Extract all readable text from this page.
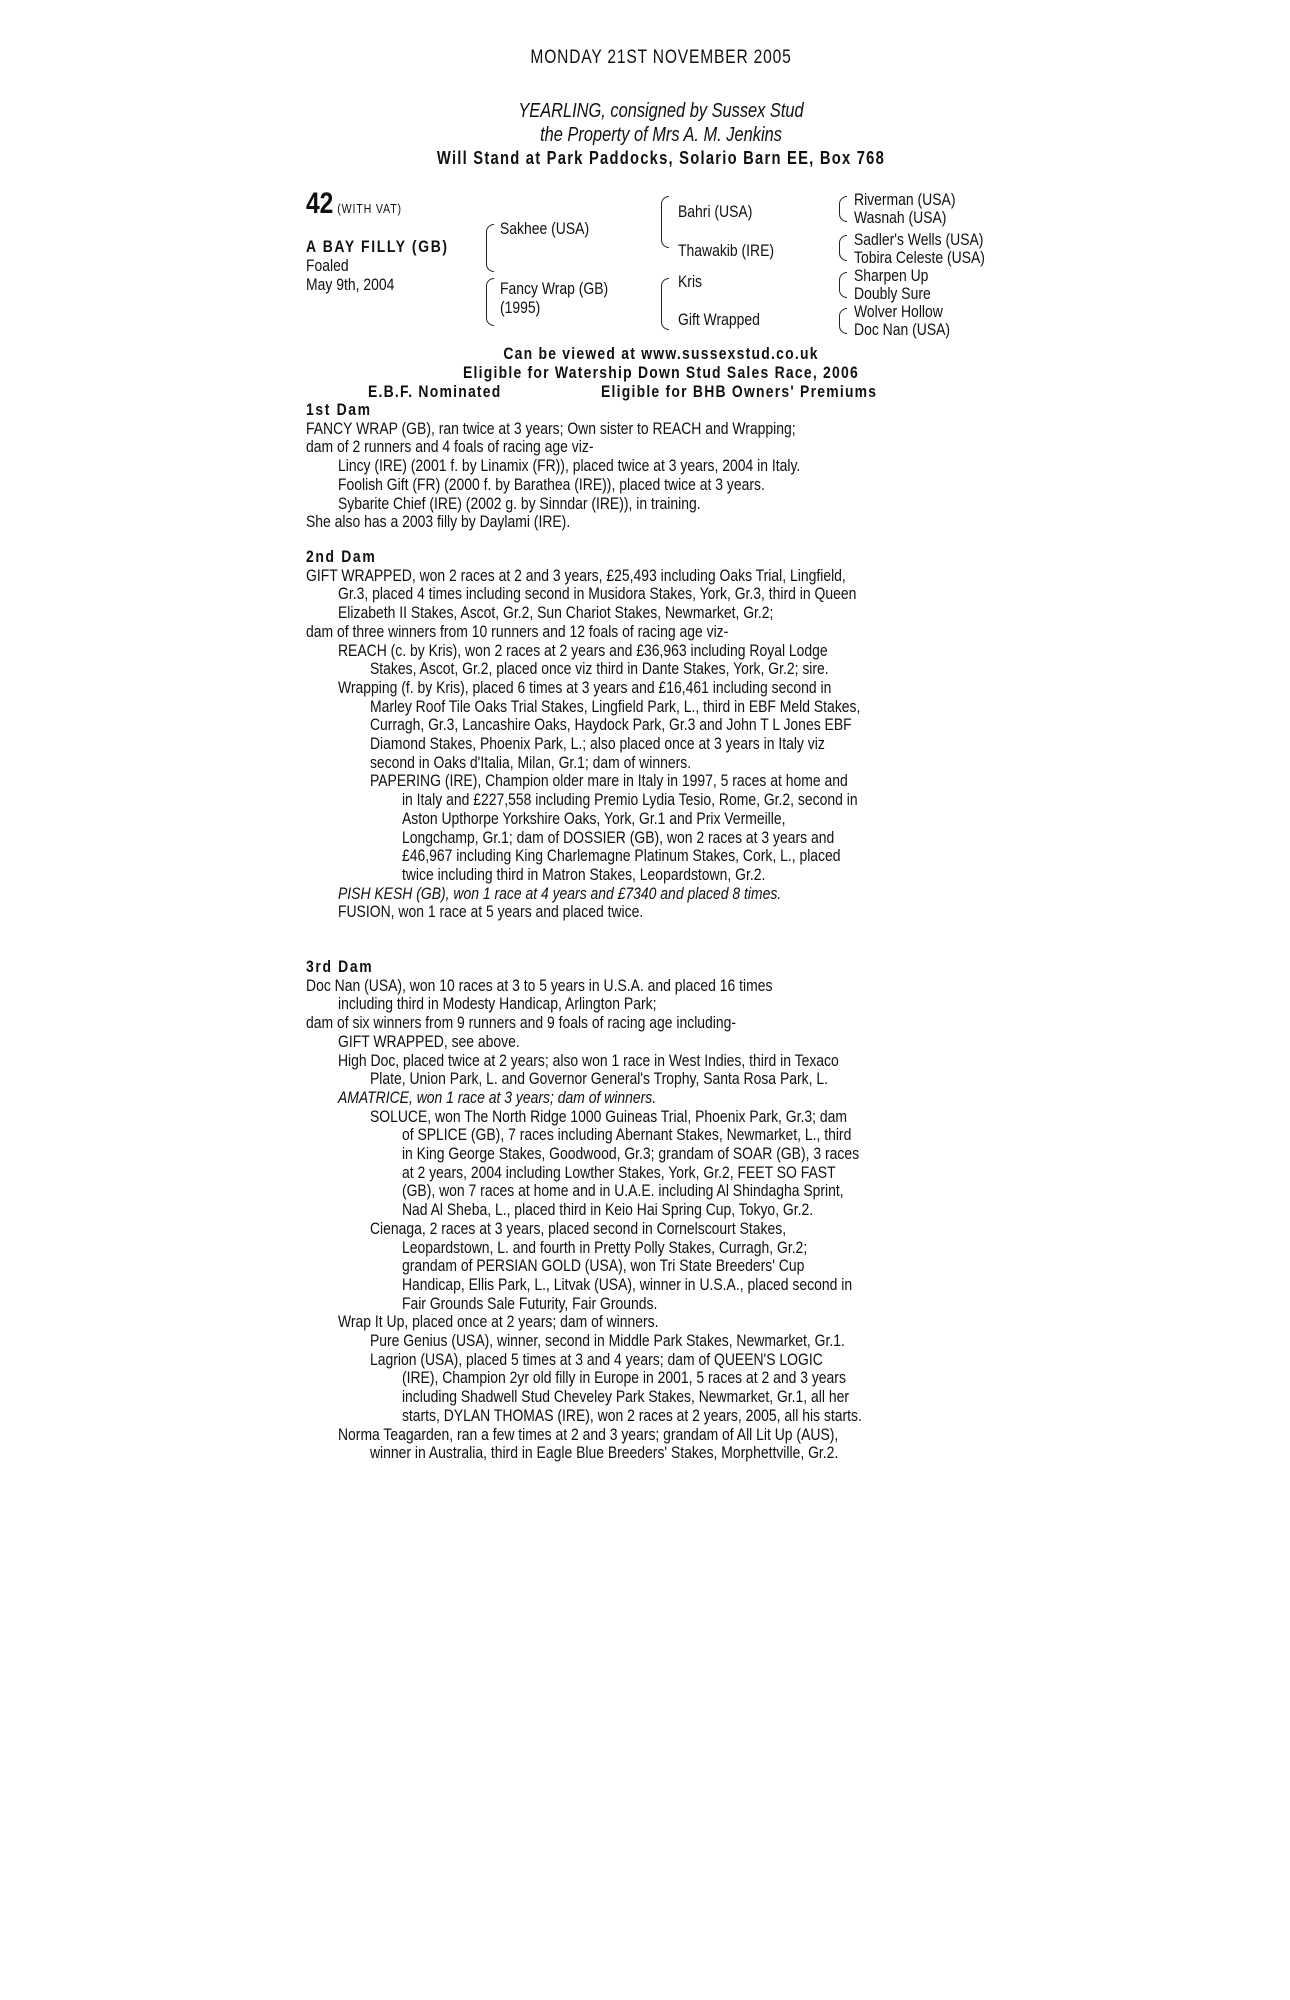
MONDAY 21ST NOVEMBER 2005
YEARLING, consigned by Sussex Stud
the Property of Mrs A. M. Jenkins
Will Stand at Park Paddocks, Solario Barn EE, Box 768
42 (WITH VAT)
A BAY FILLY (GB)
Foaled
May 9th, 2004
Sakhee (USA)
Fancy Wrap (GB)
(1995)
Bahri (USA)
Thawakib (IRE)
Kris
Gift Wrapped
Riverman (USA)
Wasnah (USA)
Sadler's Wells (USA)
Tobira Celeste (USA)
Sharpen Up
Doubly Sure
Wolver Hollow
Doc Nan (USA)
Can be viewed at www.sussexstud.co.uk
Eligible for Watership Down Stud Sales Race, 2006
E.B.F. Nominated	Eligible for BHB Owners' Premiums
1st Dam
FANCY WRAP (GB), ran twice at 3 years; Own sister to REACH and Wrapping;
dam of 2 runners and 4 foals of racing age viz-
Lincy (IRE) (2001 f. by Linamix (FR)), placed twice at 3 years, 2004 in Italy.
Foolish Gift (FR) (2000 f. by Barathea (IRE)), placed twice at 3 years.
Sybarite Chief (IRE) (2002 g. by Sinndar (IRE)), in training.
She also has a 2003 filly by Daylami (IRE).
2nd Dam
GIFT WRAPPED, won 2 races at 2 and 3 years, £25,493 including Oaks Trial, Lingfield,
Gr.3, placed 4 times including second in Musidora Stakes, York, Gr.3, third in Queen
Elizabeth II Stakes, Ascot, Gr.2, Sun Chariot Stakes, Newmarket, Gr.2;
dam of three winners from 10 runners and 12 foals of racing age viz-
REACH (c. by Kris), won 2 races at 2 years and £36,963 including Royal Lodge
Stakes, Ascot, Gr.2, placed once viz third in Dante Stakes, York, Gr.2; sire.
Wrapping (f. by Kris), placed 6 times at 3 years and £16,461 including second in
Marley Roof Tile Oaks Trial Stakes, Lingfield Park, L., third in EBF Meld Stakes,
Curragh, Gr.3, Lancashire Oaks, Haydock Park, Gr.3 and John T L Jones EBF
Diamond Stakes, Phoenix Park, L.; also placed once at 3 years in Italy viz
second in Oaks d'Italia, Milan, Gr.1; dam of winners.
PAPERING (IRE), Champion older mare in Italy in 1997, 5 races at home and
in Italy and £227,558 including Premio Lydia Tesio, Rome, Gr.2, second in
Aston Upthorpe Yorkshire Oaks, York, Gr.1 and Prix Vermeille,
Longchamp, Gr.1; dam of DOSSIER (GB), won 2 races at 3 years and
£46,967 including King Charlemagne Platinum Stakes, Cork, L., placed
twice including third in Matron Stakes, Leopardstown, Gr.2.
PISH KESH (GB), won 1 race at 4 years and £7340 and placed 8 times.
FUSION, won 1 race at 5 years and placed twice.
3rd Dam
Doc Nan (USA), won 10 races at 3 to 5 years in U.S.A. and placed 16 times
including third in Modesty Handicap, Arlington Park;
dam of six winners from 9 runners and 9 foals of racing age including-
GIFT WRAPPED, see above.
High Doc, placed twice at 2 years; also won 1 race in West Indies, third in Texaco
Plate, Union Park, L. and Governor General's Trophy, Santa Rosa Park, L.
AMATRICE, won 1 race at 3 years; dam of winners.
SOLUCE, won The North Ridge 1000 Guineas Trial, Phoenix Park, Gr.3; dam
of SPLICE (GB), 7 races including Abernant Stakes, Newmarket, L., third
in King George Stakes, Goodwood, Gr.3; grandam of SOAR (GB), 3 races
at 2 years, 2004 including Lowther Stakes, York, Gr.2, FEET SO FAST
(GB), won 7 races at home and in U.A.E. including Al Shindagha Sprint,
Nad Al Sheba, L., placed third in Keio Hai Spring Cup, Tokyo, Gr.2.
Cienaga, 2 races at 3 years, placed second in Cornelscourt Stakes,
Leopardstown, L. and fourth in Pretty Polly Stakes, Curragh, Gr.2;
grandam of PERSIAN GOLD (USA), won Tri State Breeders' Cup
Handicap, Ellis Park, L., Litvak (USA), winner in U.S.A., placed second in
Fair Grounds Sale Futurity, Fair Grounds.
Wrap It Up, placed once at 2 years; dam of winners.
Pure Genius (USA), winner, second in Middle Park Stakes, Newmarket, Gr.1.
Lagrion (USA), placed 5 times at 3 and 4 years; dam of QUEEN'S LOGIC
(IRE), Champion 2yr old filly in Europe in 2001, 5 races at 2 and 3 years
including Shadwell Stud Cheveley Park Stakes, Newmarket, Gr.1, all her
starts, DYLAN THOMAS (IRE), won 2 races at 2 years, 2005, all his starts.
Norma Teagarden, ran a few times at 2 and 3 years; grandam of All Lit Up (AUS),
winner in Australia, third in Eagle Blue Breeders' Stakes, Morphettville, Gr.2.
